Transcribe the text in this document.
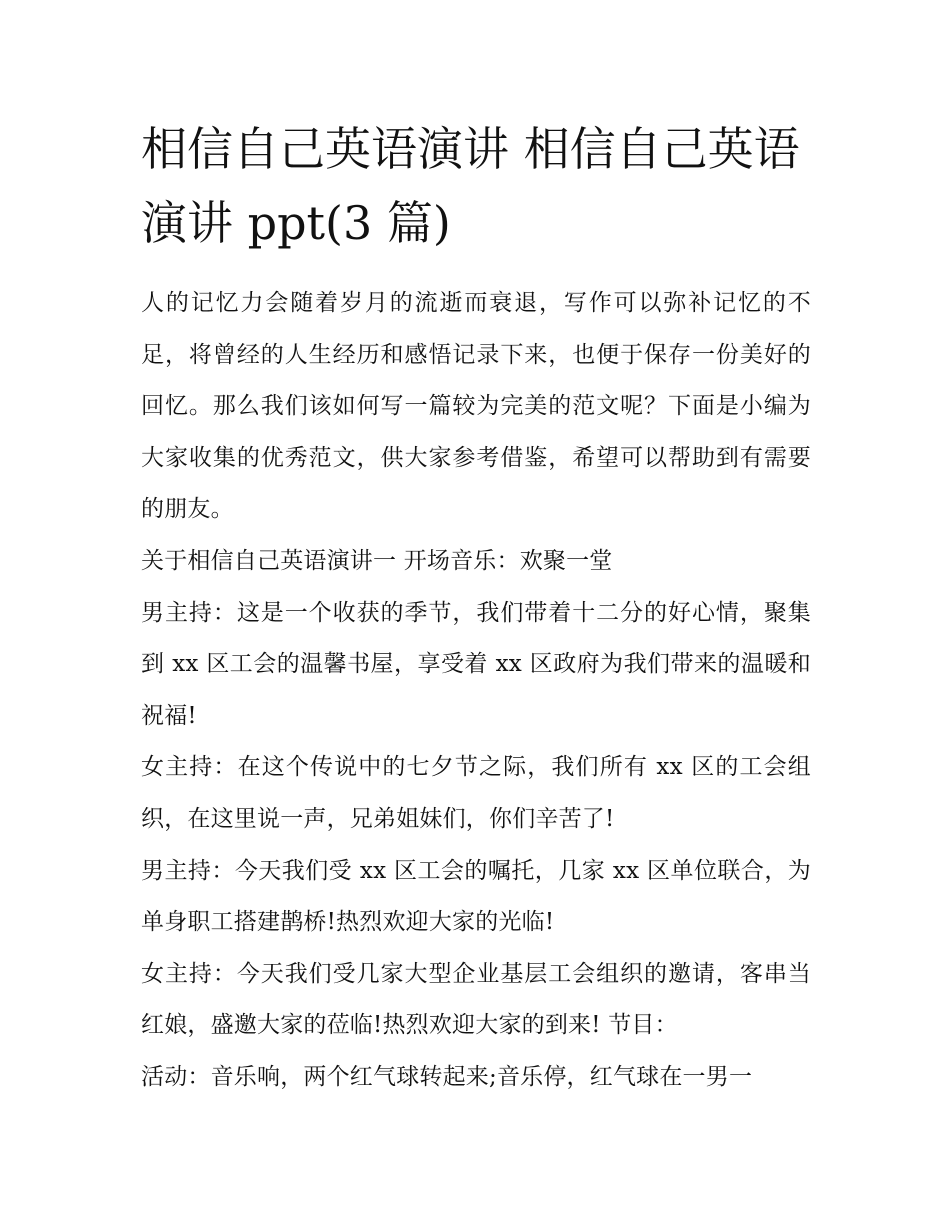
相信自己英语演讲 相信自己英语演讲 ppt(3 篇)

人的记忆力会随着岁月的流逝而衰退，写作可以弥补记忆的不足，将曾经的人生经历和感悟记录下来，也便于保存一份美好的回忆。那么我们该如何写一篇较为完美的范文呢？下面是小编为大家收集的优秀范文，供大家参考借鉴，希望可以帮助到有需要的朋友。

关于相信自己英语演讲一 开场音乐：欢聚一堂

男主持：这是一个收获的季节，我们带着十二分的好心情，聚集到 xx 区工会的温馨书屋，享受着 xx 区政府为我们带来的温暖和祝福!

女主持：在这个传说中的七夕节之际，我们所有 xx 区的工会组织，在这里说一声，兄弟姐妹们，你们辛苦了!

男主持：今天我们受 xx 区工会的嘱托，几家 xx 区单位联合，为单身职工搭建鹊桥!热烈欢迎大家的光临!

女主持：今天我们受几家大型企业基层工会组织的邀请，客串当红娘，盛邀大家的莅临!热烈欢迎大家的到来! 节目：

活动：音乐响，两个红气球转起来;音乐停，红气球在一男一
